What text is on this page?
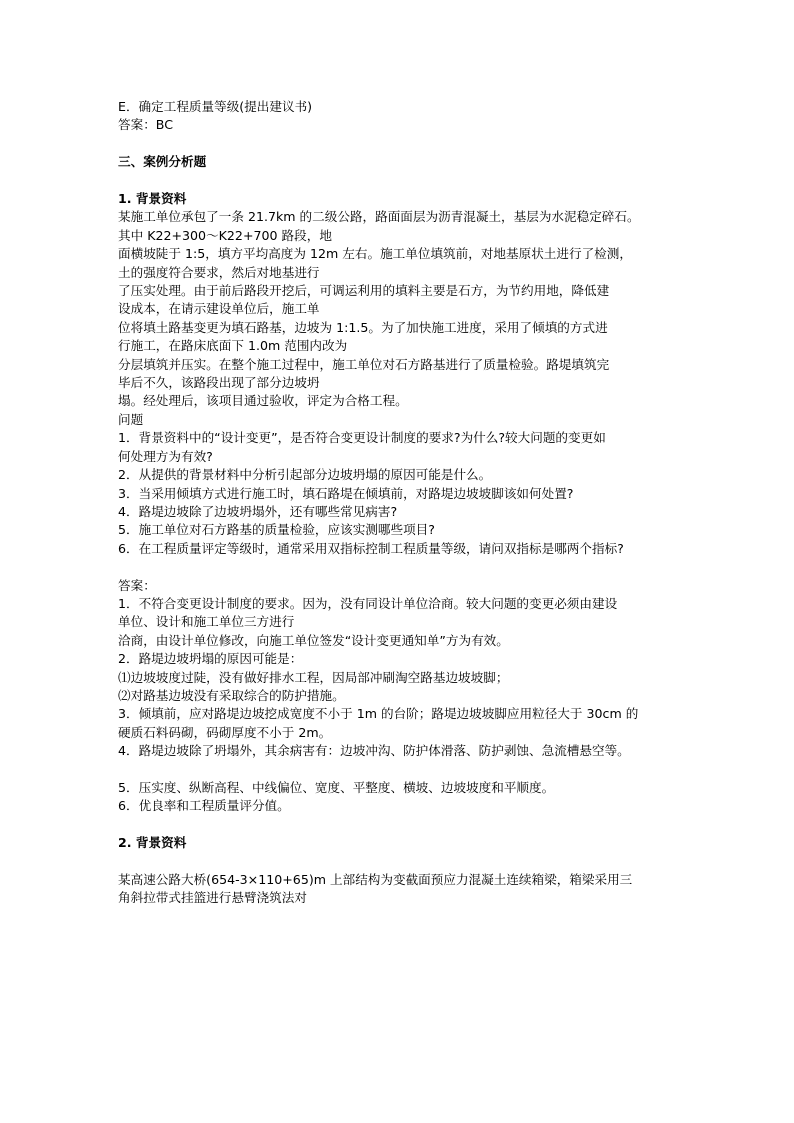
E．确定工程质量等级(提出建议书)
答案：BC
三、案例分析题
1. 背景资料
某施工单位承包了一条 21.7km 的二级公路，路面面层为沥青混凝土，基层为水泥稳定碎石。
其中 K22+300～K22+700 路段，地
面横坡陡于 1:5，填方平均高度为 12m 左右。施工单位填筑前，对地基原状土进行了检测，
土的强度符合要求，然后对地基进行
了压实处理。由于前后路段开挖后，可调运利用的填料主要是石方，为节约用地，降低建
设成本，在请示建设单位后，施工单
位将填土路基变更为填石路基，边坡为 1:1.5。为了加快施工进度，采用了倾填的方式进
行施工，在路床底面下 1.0m 范围内改为
分层填筑并压实。在整个施工过程中，施工单位对石方路基进行了质量检验。路堤填筑完
毕后不久，该路段出现了部分边坡坍
塌。经处理后，该项目通过验收，评定为合格工程。
问题
1．背景资料中的“设计变更”，是否符合变更设计制度的要求?为什么?较大问题的变更如
何处理方为有效?
2．从提供的背景材料中分析引起部分边坡坍塌的原因可能是什么。
3．当采用倾填方式进行施工时，填石路堤在倾填前，对路堤边坡坡脚该如何处置?
4．路堤边坡除了边坡坍塌外，还有哪些常见病害?
5．施工单位对石方路基的质量检验，应该实测哪些项目?
6．在工程质量评定等级时，通常采用双指标控制工程质量等级，请问双指标是哪两个指标?
答案：
1．不符合变更设计制度的要求。因为，没有同设计单位洽商。较大问题的变更必须由建设
单位、设计和施工单位三方进行
洽商，由设计单位修改，向施工单位签发“设计变更通知单”方为有效。
2．路堤边坡坍塌的原因可能是：
⑴边坡坡度过陡，没有做好排水工程，因局部冲刷淘空路基边坡坡脚；
⑵对路基边坡没有采取综合的防护措施。
3．倾填前，应对路堤边坡挖成宽度不小于 1m 的台阶；路堤边坡坡脚应用粒径大于 30cm 的
硬质石料码砌，码砌厚度不小于 2m。
4．路堤边坡除了坍塌外，其余病害有：边坡冲沟、防护体滑落、防护剥蚀、急流槽悬空等。
5．压实度、纵断高程、中线偏位、宽度、平整度、横坡、边坡坡度和平顺度。
6．优良率和工程质量评分值。
2. 背景资料
某高速公路大桥(654-3×110+65)m 上部结构为变截面预应力混凝土连续箱梁，箱梁采用三
角斜拉带式挂篮进行悬臂浇筑法对
